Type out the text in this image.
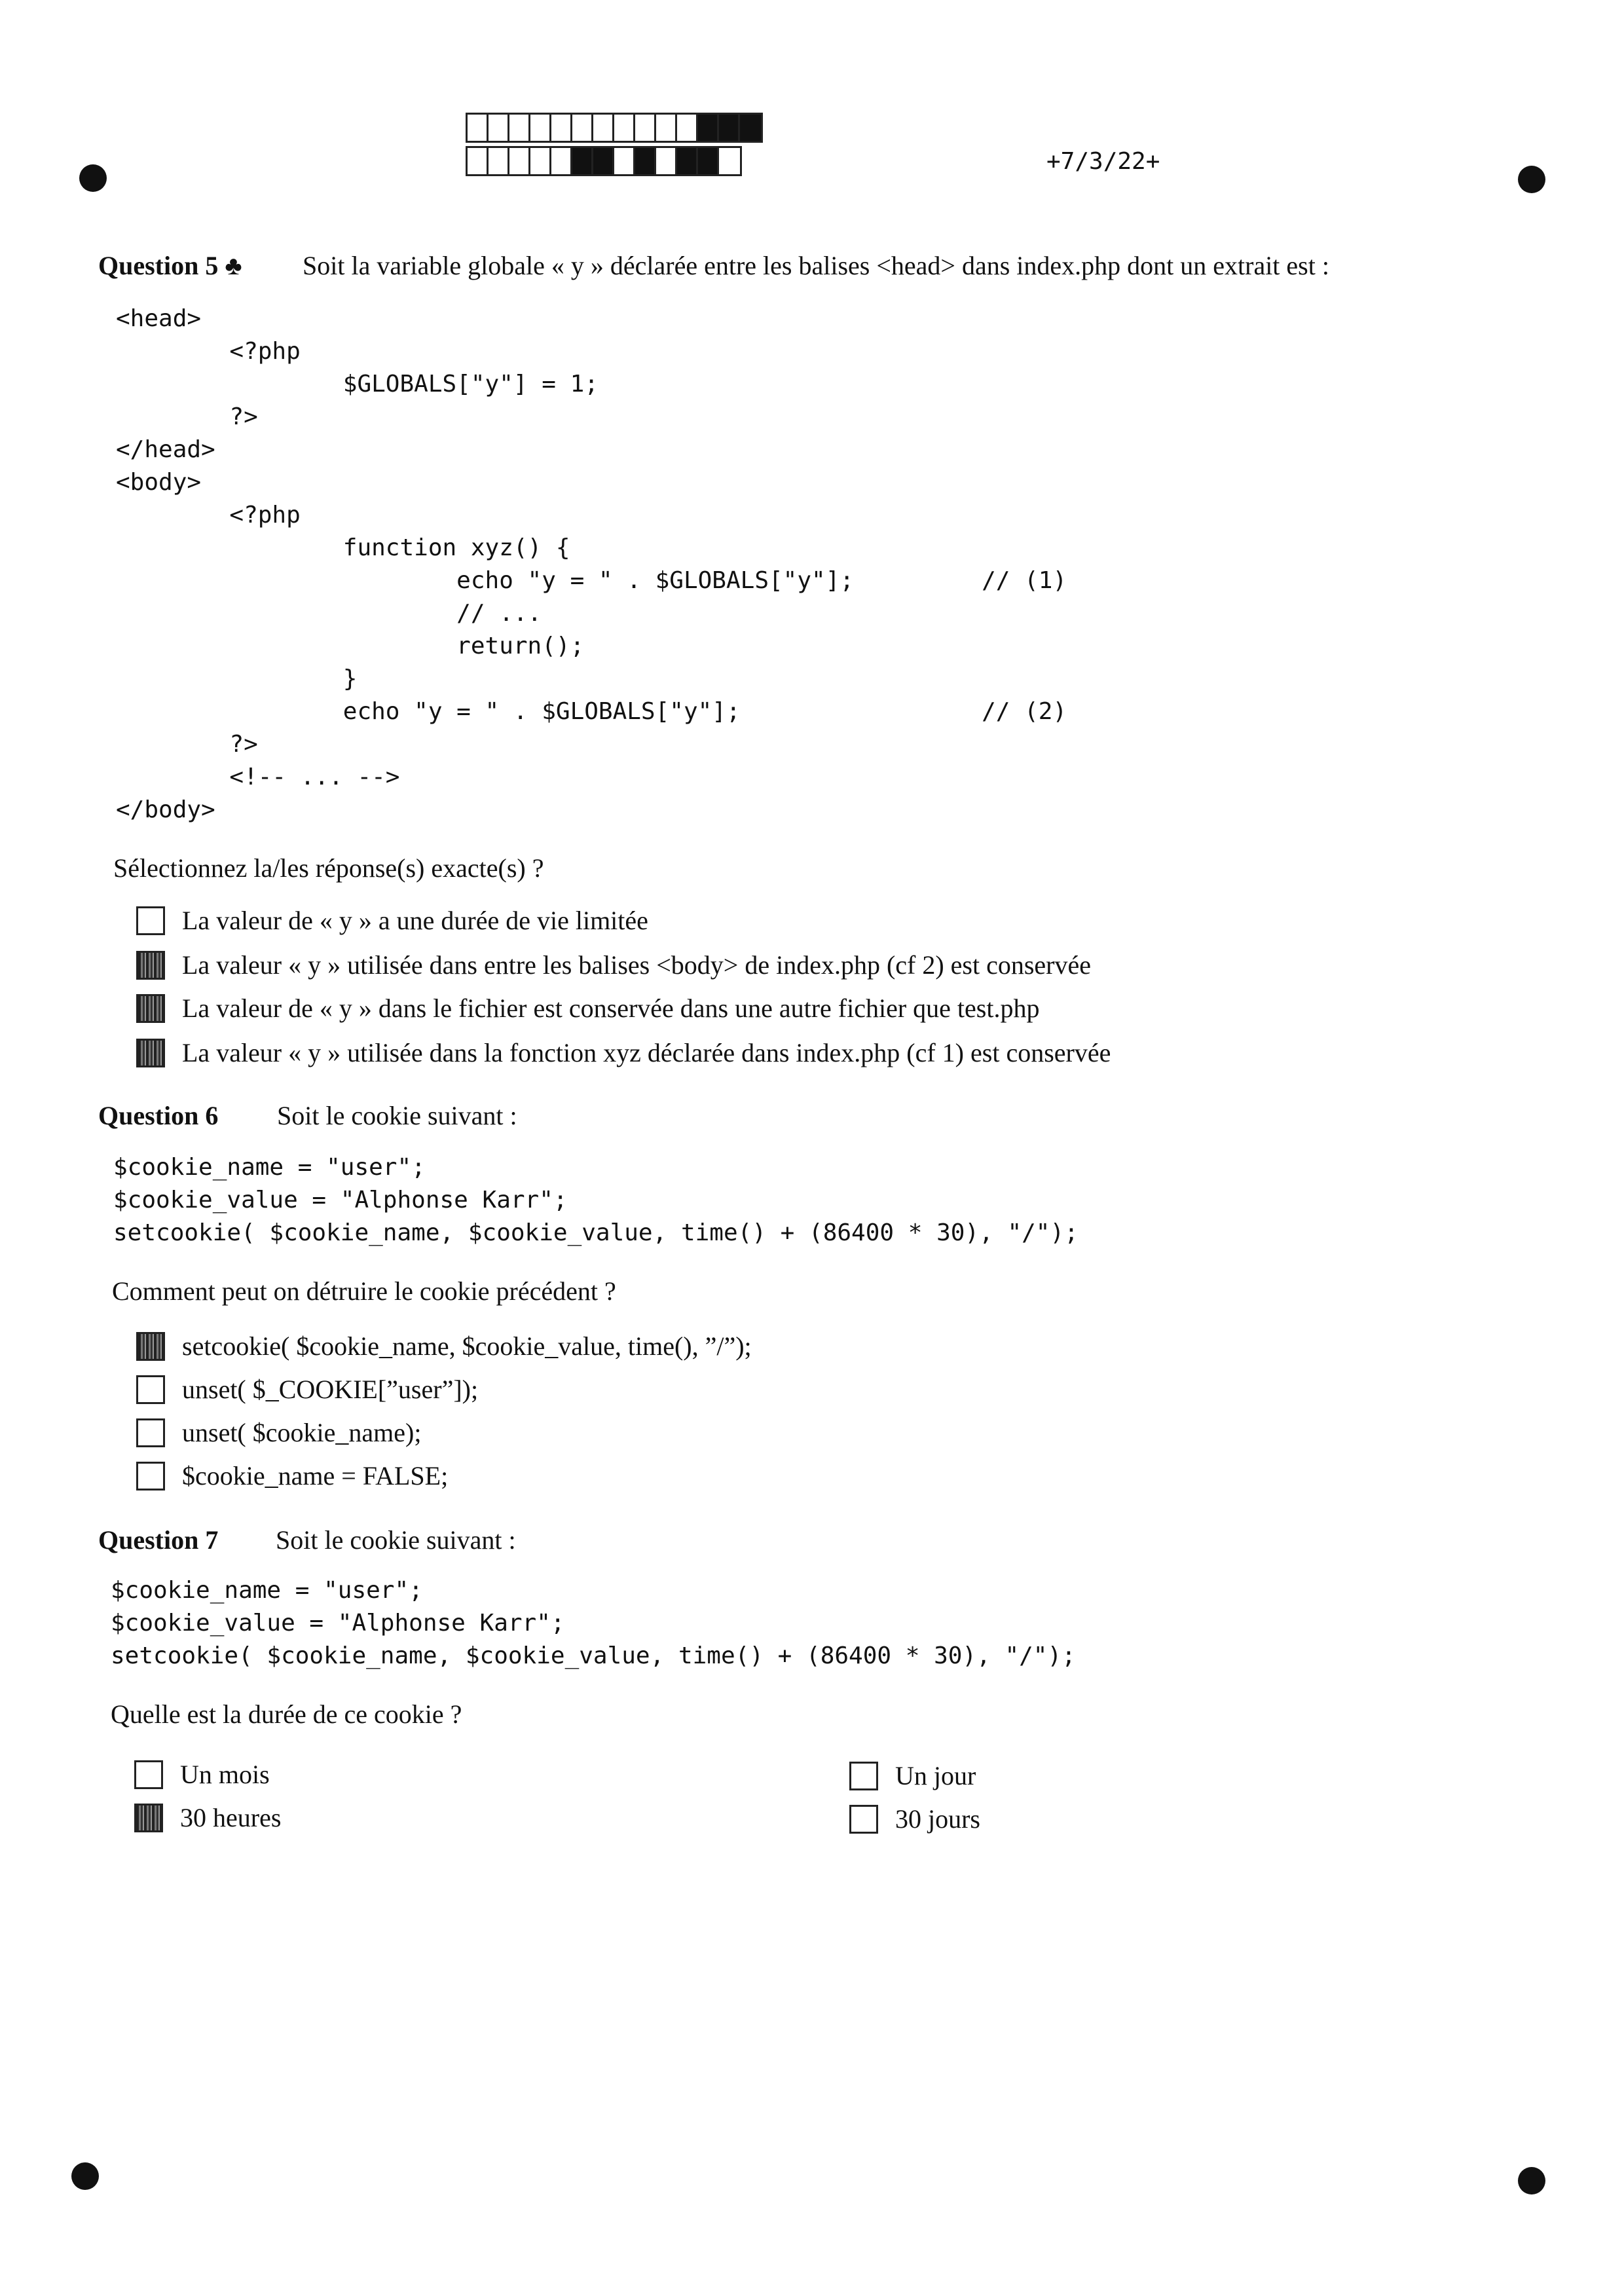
+7/3/22+
Question 5 ♣ Soit la variable globale « y » déclarée entre les balises <head> dans index.php dont un extrait est :
<head>
<?php
$GLOBALS["y"] = 1;
?>
</head>
<body>
<?php
function xyz() {
echo "y = " . $GLOBALS["y"];         // (1)
// ...
return();
}
echo "y = " . $GLOBALS["y"];                 // (2)
?>
<!-- ... -->
</body>
Sélectionnez la/les réponse(s) exacte(s) ?
La valeur de « y » a une durée de vie limitée
La valeur « y » utilisée dans entre les balises <body> de index.php (cf 2) est conservée
La valeur de « y » dans le fichier est conservée dans une autre fichier que test.php
La valeur « y » utilisée dans la fonction xyz déclarée dans index.php (cf 1) est conservée
Question 6 Soit le cookie suivant :
$cookie_name = "user";
$cookie_value = "Alphonse Karr";
setcookie( $cookie_name, $cookie_value, time() + (86400 * 30), "/");
Comment peut on détruire le cookie précédent ?
setcookie( $cookie_name, $cookie_value, time(), ”/”);
unset( $_COOKIE[”user”]);
unset( $cookie_name);
$cookie_name = FALSE;
Question 7 Soit le cookie suivant :
$cookie_name = "user";
$cookie_value = "Alphonse Karr";
setcookie( $cookie_name, $cookie_value, time() + (86400 * 30), "/");
Quelle est la durée de ce cookie ?
Un mois
30 heures
Un jour
30 jours
